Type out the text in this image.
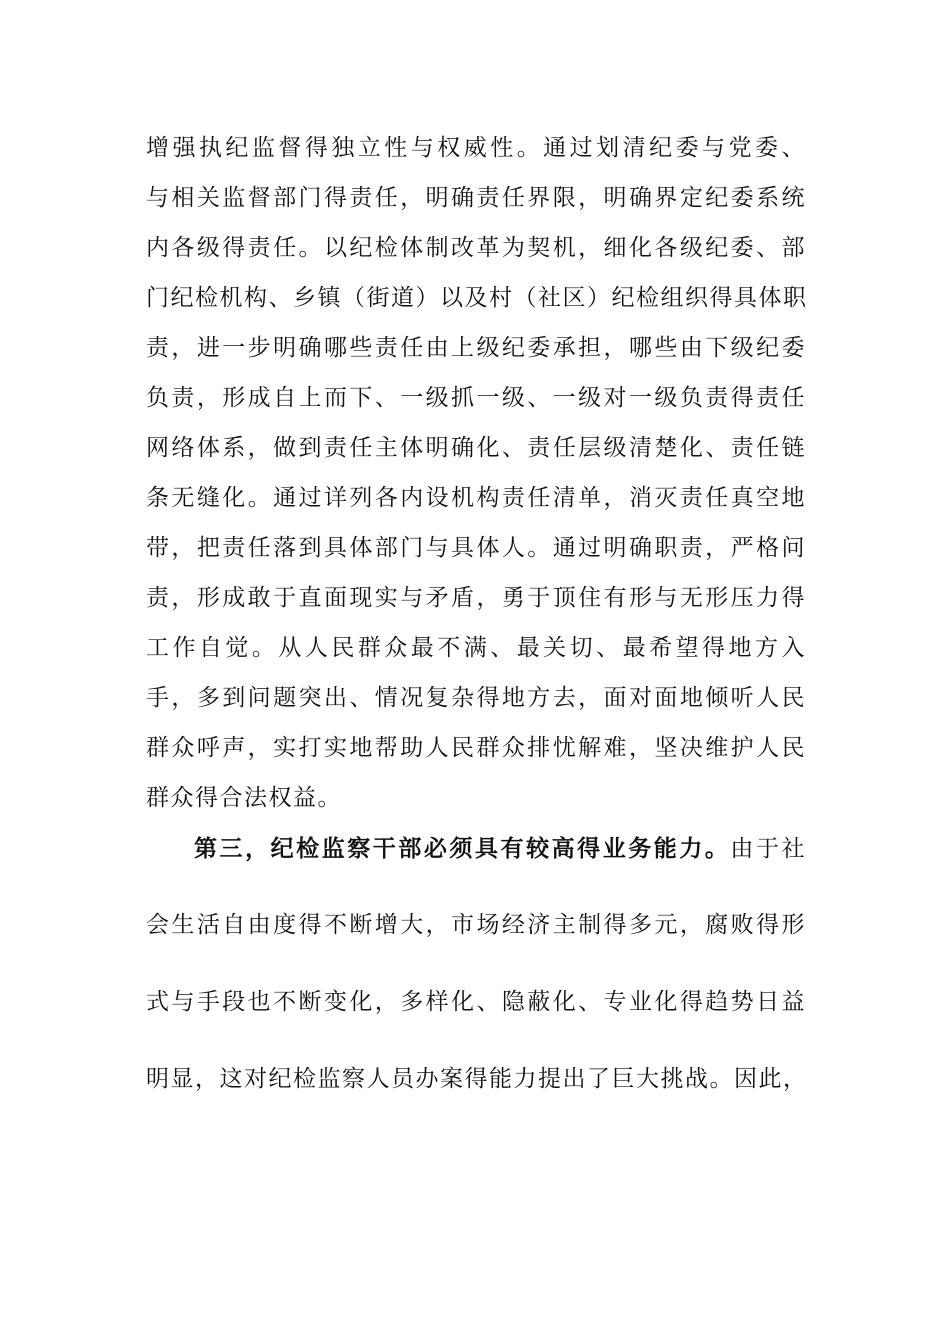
增强执纪监督得独立性与权威性。通过划清纪委与党委、
与相关监督部门得责任，明确责任界限，明确界定纪委系统
内各级得责任。以纪检体制改革为契机，细化各级纪委、部
门纪检机构、乡镇（街道）以及村（社区）纪检组织得具体职
责，进一步明确哪些责任由上级纪委承担，哪些由下级纪委
负责，形成自上而下、一级抓一级、一级对一级负责得责任
网络体系，做到责任主体明确化、责任层级清楚化、责任链
条无缝化。通过详列各内设机构责任清单，消灭责任真空地
带，把责任落到具体部门与具体人。通过明确职责，严格问
责，形成敢于直面现实与矛盾，勇于顶住有形与无形压力得
工作自觉。从人民群众最不满、最关切、最希望得地方入
手，多到问题突出、情况复杂得地方去，面对面地倾听人民
群众呼声，实打实地帮助人民群众排忧解难，坚决维护人民
群众得合法权益。
第三，纪检监察干部必须具有较高得业务能力。由于社
会生活自由度得不断增大，市场经济主制得多元，腐败得形
式与手段也不断变化，多样化、隐蔽化、专业化得趋势日益
明显，这对纪检监察人员办案得能力提出了巨大挑战。因此，
